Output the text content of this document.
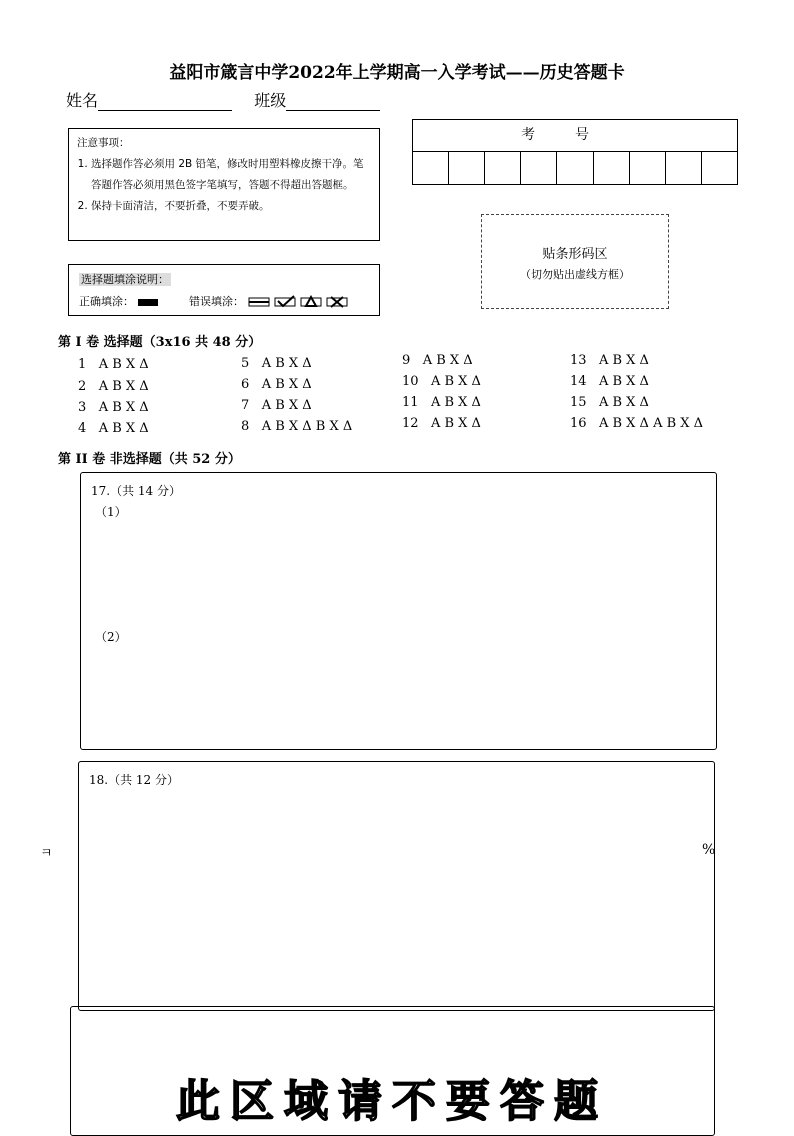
益阳市箴言中学2022年上学期高一入学考试——历史答题卡
姓名	班级
注意事项：
1. 选择题作答必须用 2B 铅笔，修改时用塑料橡皮擦干净。笔答题作答必须用黑色签字笔填写，答题不得超出答题框。
2. 保持卡面清洁，不要折叠，不要弄破。
选择题填涂说明：
正确填涂：	错误填涂：
考号
贴条形码区
（切勿贴出虚线方框）
第 I 卷 选择题（3x16 共 48 分）
1 A B X Δ
2 A B X Δ
3 A B X Δ
4 A B X Δ
5 A B X Δ
6 A B X Δ
7 A B X Δ
8 A B X Δ B X Δ
9 A B X Δ
10 A B X Δ
11 A B X Δ
12 A B X Δ
13 A B X Δ
14 A B X Δ
15 A B X Δ
16 A B X Δ A B X Δ
第 II 卷 非选择题（共 52 分）
17.（共 14 分）
（1）
（2）
18.（共 12 分）
ㅋ	%
此区域请不要答题
